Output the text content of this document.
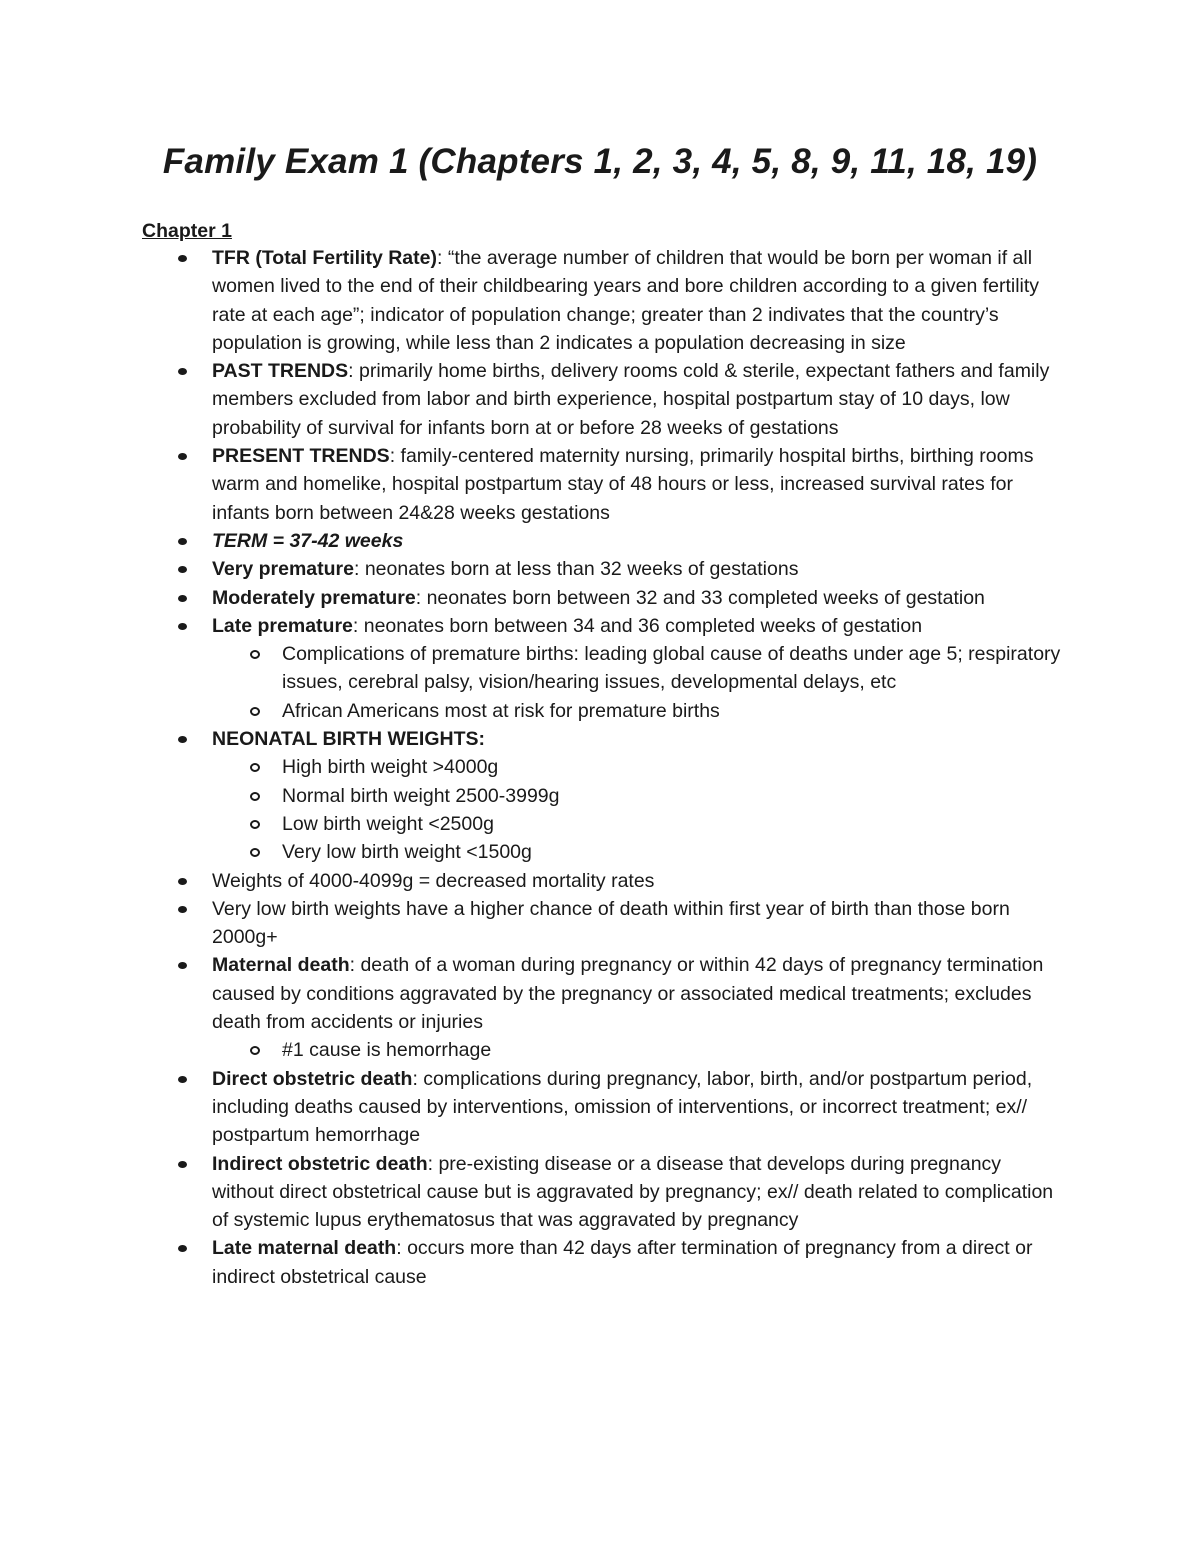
Family Exam 1 (Chapters 1, 2, 3, 4, 5, 8, 9, 11, 18, 19)
Chapter 1
TFR (Total Fertility Rate): “the average number of children that would be born per woman if all women lived to the end of their childbearing years and bore children according to a given fertility rate at each age”; indicator of population change; greater than 2 indivates that the country’s population is growing, while less than 2 indicates a population decreasing in size
PAST TRENDS: primarily home births, delivery rooms cold & sterile, expectant fathers and family members excluded from labor and birth experience, hospital postpartum stay of 10 days, low probability of survival for infants born at or before 28 weeks of gestations
PRESENT TRENDS: family-centered maternity nursing, primarily hospital births, birthing rooms warm and homelike, hospital postpartum stay of 48 hours or less, increased survival rates for infants born between 24&28 weeks gestations
TERM = 37-42 weeks
Very premature: neonates born at less than 32 weeks of gestations
Moderately premature: neonates born between 32 and 33 completed weeks of gestation
Late premature: neonates born between 34 and 36 completed weeks of gestation
Complications of premature births: leading global cause of deaths under age 5; respiratory issues, cerebral palsy, vision/hearing issues, developmental delays, etc
African Americans most at risk for premature births
NEONATAL BIRTH WEIGHTS:
High birth weight >4000g
Normal birth weight 2500-3999g
Low birth weight <2500g
Very low birth weight <1500g
Weights of 4000-4099g = decreased mortality rates
Very low birth weights have a higher chance of death within first year of birth than those born 2000g+
Maternal death: death of a woman during pregnancy or within 42 days of pregnancy termination caused by conditions aggravated by the pregnancy or associated medical treatments; excludes death from accidents or injuries
#1 cause is hemorrhage
Direct obstetric death: complications during pregnancy, labor, birth, and/or postpartum period, including deaths caused by interventions, omission of interventions, or incorrect treatment; ex// postpartum hemorrhage
Indirect obstetric death: pre-existing disease or a disease that develops during pregnancy without direct obstetrical cause but is aggravated by pregnancy; ex// death related to complication of systemic lupus erythematosus that was aggravated by pregnancy
Late maternal death: occurs more than 42 days after termination of pregnancy from a direct or indirect obstetrical cause
